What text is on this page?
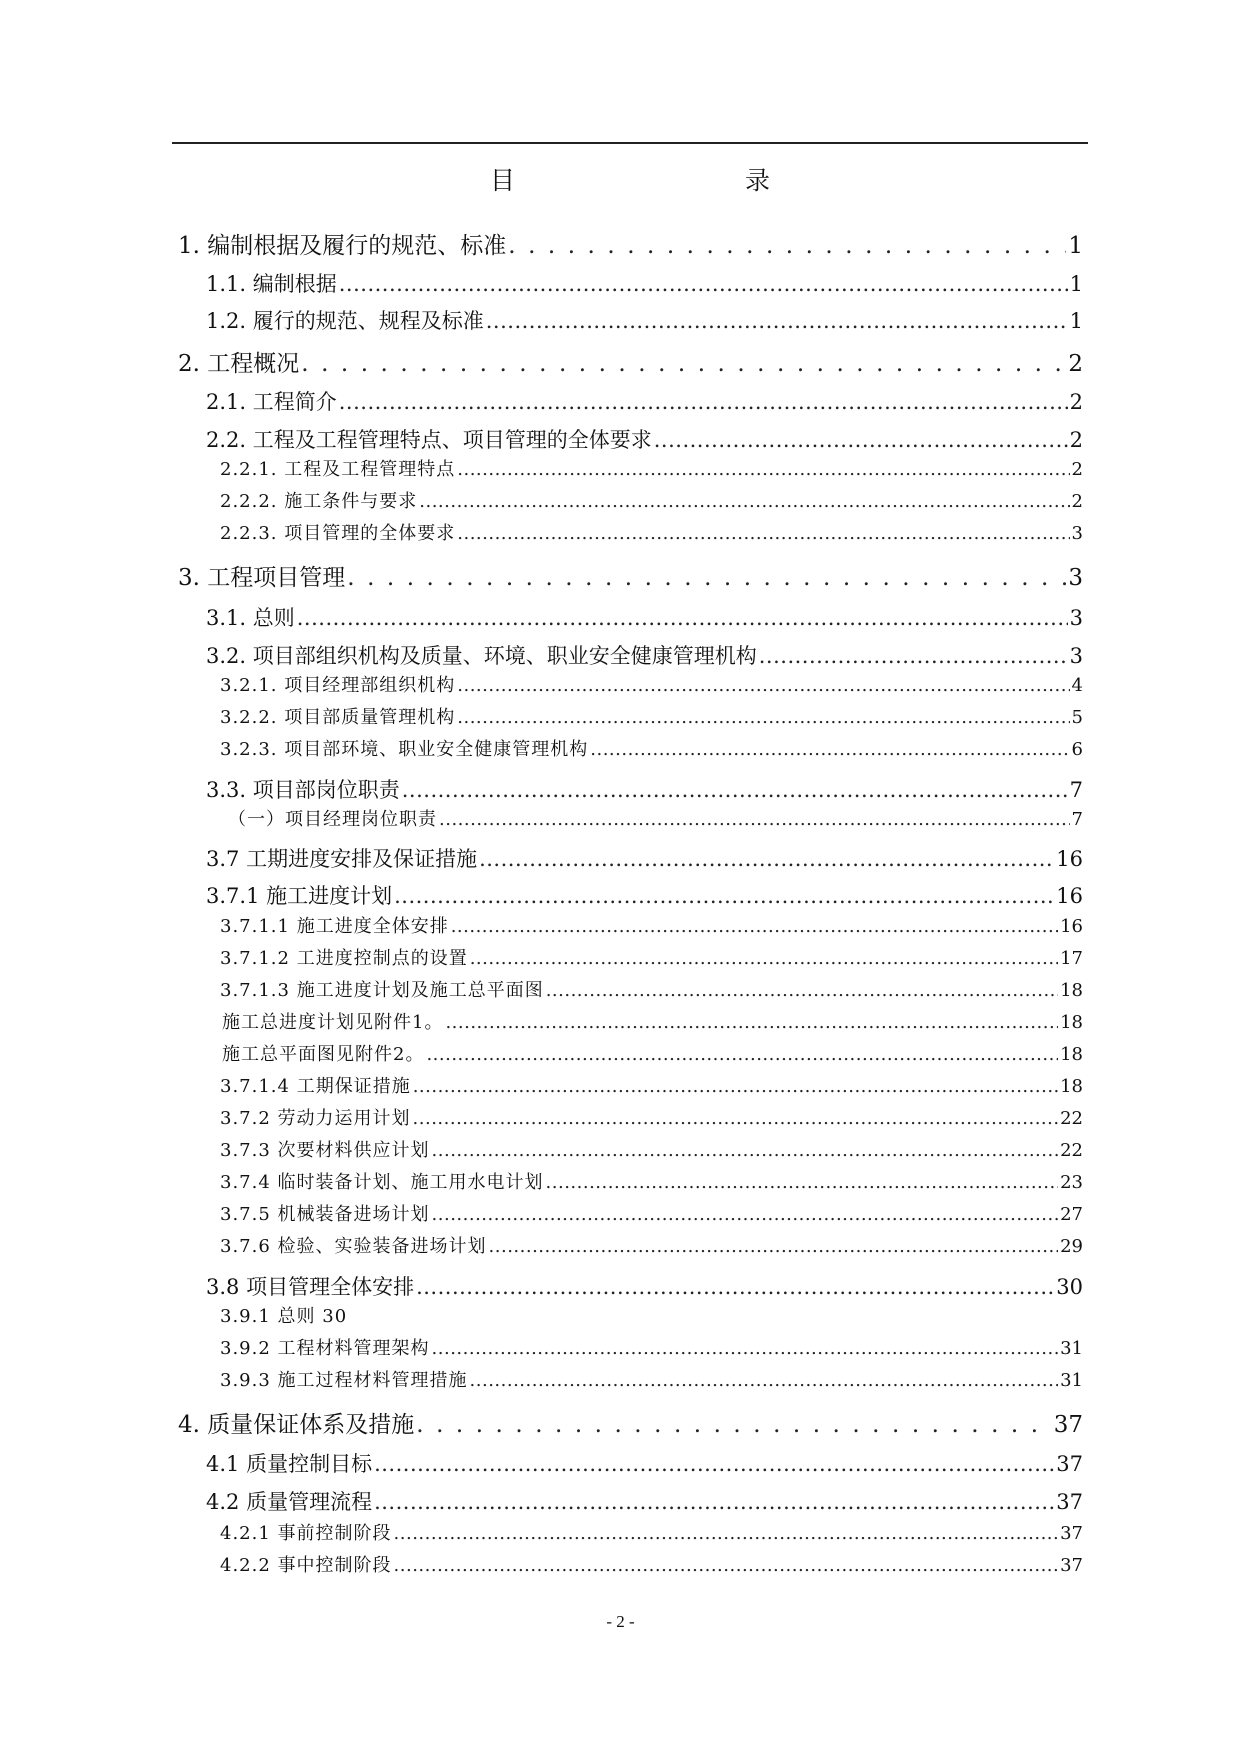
目　　录
1. 编制根据及履行的规范、标准 . . .	1
1.1. 编制根据 .....	1
1.2. 履行的规范、规程及标准 .....	1
2. 工程概况 . . .	2
2.1. 工程简介 .....	2
2.2. 工程及工程管理特点、项目管理的全体要求 .....	2
2.2.1. 工程及工程管理特点 .....	2
2.2.2. 施工条件与要求 .....	2
2.2.3. 项目管理的全体要求 .....	3
3. 工程项目管理 . . .	3
3.1. 总则 .....	3
3.2. 项目部组织机构及质量、环境、职业安全健康管理机构 .....	3
3.2.1. 项目经理部组织机构 .....	4
3.2.2. 项目部质量管理机构 .....	5
3.2.3. 项目部环境、职业安全健康管理机构 .....	6
3.3. 项目部岗位职责 .....	7
（一）项目经理岗位职责 .....	7
3.7 工期进度安排及保证措施 .....	16
3.7.1 施工进度计划 .....	16
3.7.1.1 施工进度全体安排 .....	16
3.7.1.2 工进度控制点的设置 .....	17
3.7.1.3 施工进度计划及施工总平面图 .....	18
施工总进度计划见附件1。 .....	18
施工总平面图见附件2。 .....	18
3.7.1.4 工期保证措施 .....	18
3.7.2 劳动力运用计划 .....	22
3.7.3 次要材料供应计划 .....	22
3.7.4 临时装备计划、施工用水电计划 .....	23
3.7.5 机械装备进场计划 .....	27
3.7.6 检验、实验装备进场计划 .....	29
3.8 项目管理全体安排 .....	30
3.9.1 总则 30
3.9.2 工程材料管理架构 .....	31
3.9.3 施工过程材料管理措施 .....	31
4. 质量保证体系及措施 . . .	37
4.1 质量控制目标 .....	37
4.2 质量管理流程 .....	37
4.2.1 事前控制阶段 .....	37
4.2.2 事中控制阶段 .....	37
- 2 -
